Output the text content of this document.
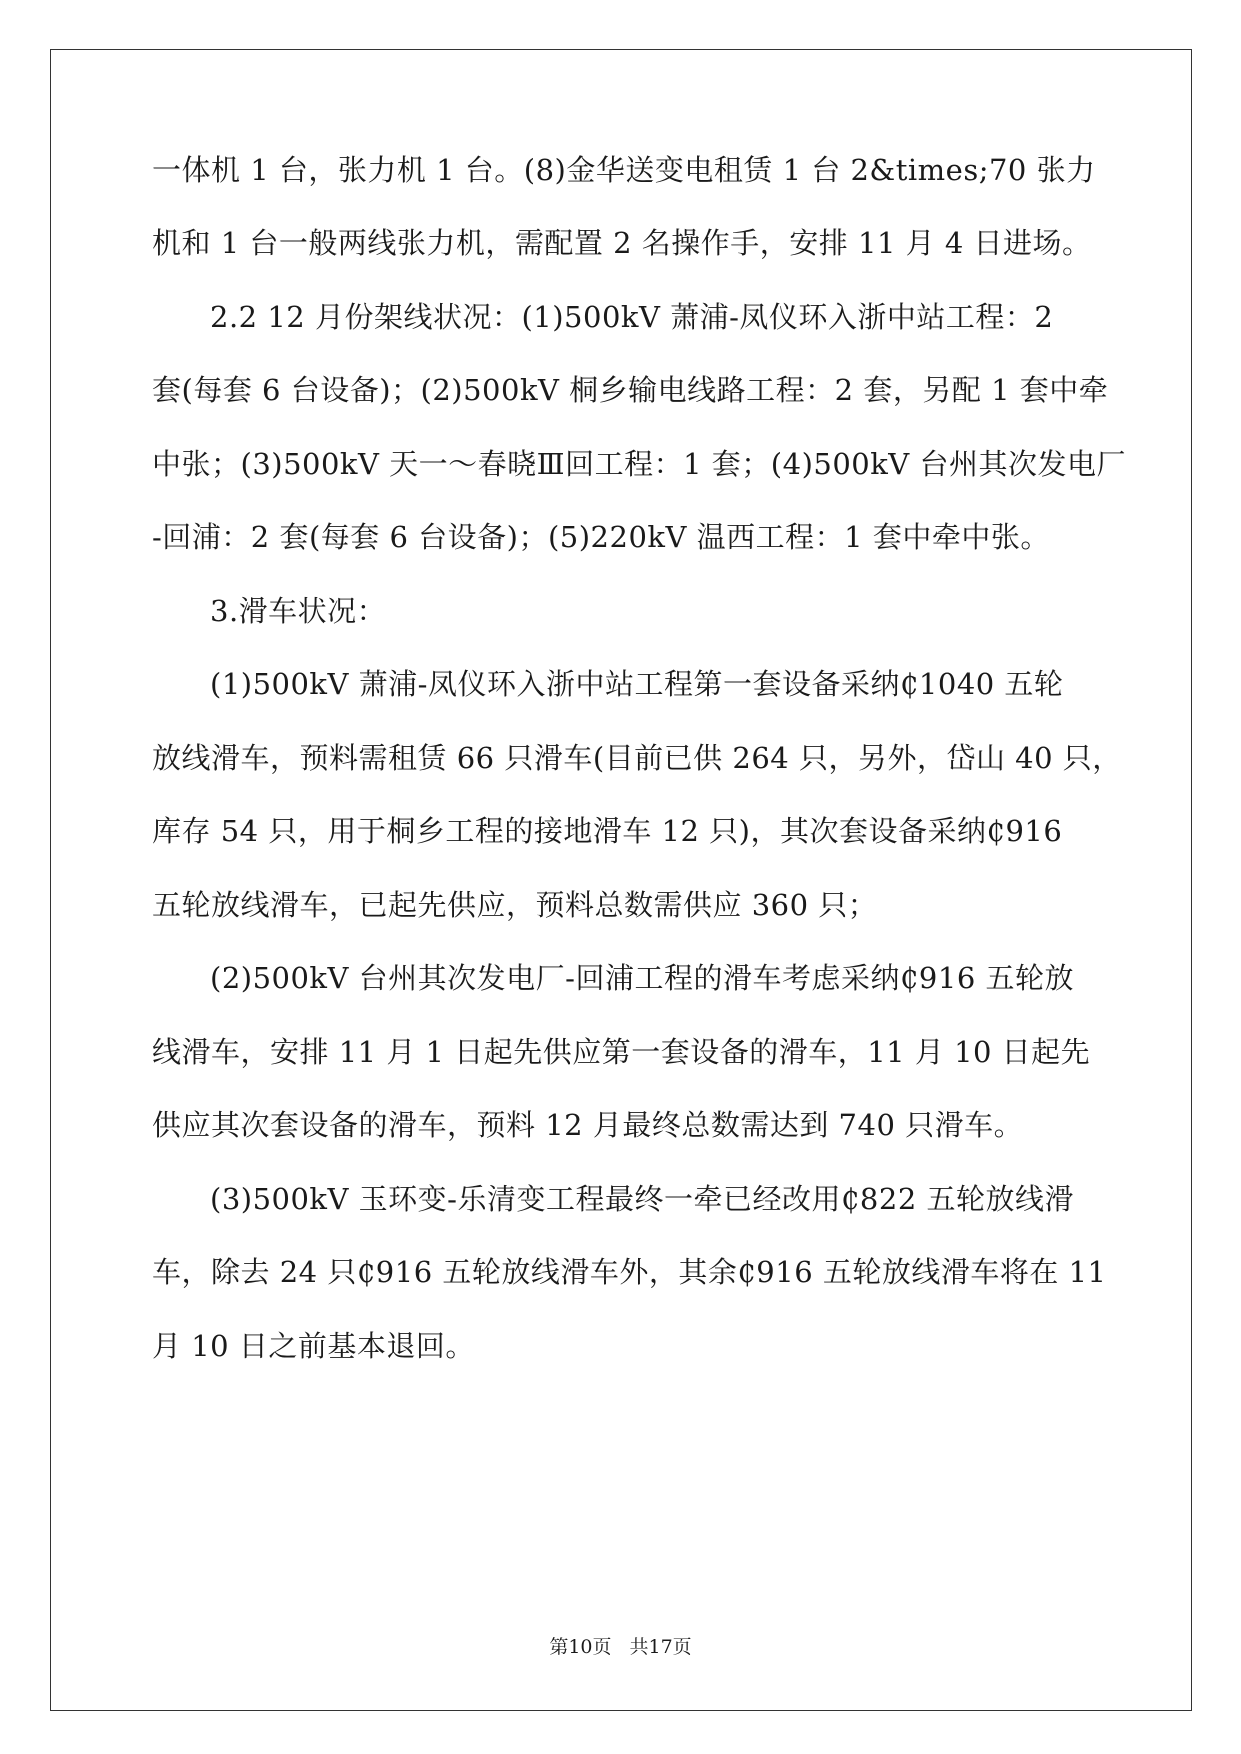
一体机 1 台，张力机 1 台。(8)金华送变电租赁 1 台 2&times;70 张力
机和 1 台一般两线张力机，需配置 2 名操作手，安排 11 月 4 日进场。
2.2 12 月份架线状况：(1)500kV 萧浦-凤仪环入浙中站工程：2
套(每套 6 台设备)；(2)500kV 桐乡输电线路工程：2 套，另配 1 套中牵
中张；(3)500kV 天一～春晓Ⅲ回工程：1 套；(4)500kV 台州其次发电厂
-回浦：2 套(每套 6 台设备)；(5)220kV 温西工程：1 套中牵中张。
3.滑车状况：
(1)500kV 萧浦-凤仪环入浙中站工程第一套设备采纳₵1040 五轮
放线滑车，预料需租赁 66 只滑车(目前已供 264 只，另外，岱山 40 只，
库存 54 只，用于桐乡工程的接地滑车 12 只)，其次套设备采纳₵916
五轮放线滑车，已起先供应，预料总数需供应 360 只；
(2)500kV 台州其次发电厂-回浦工程的滑车考虑采纳₵916 五轮放
线滑车，安排 11 月 1 日起先供应第一套设备的滑车，11 月 10 日起先
供应其次套设备的滑车，预料 12 月最终总数需达到 740 只滑车。
(3)500kV 玉环变-乐清变工程最终一牵已经改用₵822 五轮放线滑
车，除去 24 只₵916 五轮放线滑车外，其余₵916 五轮放线滑车将在 11
月 10 日之前基本退回。
第10页 共17页
